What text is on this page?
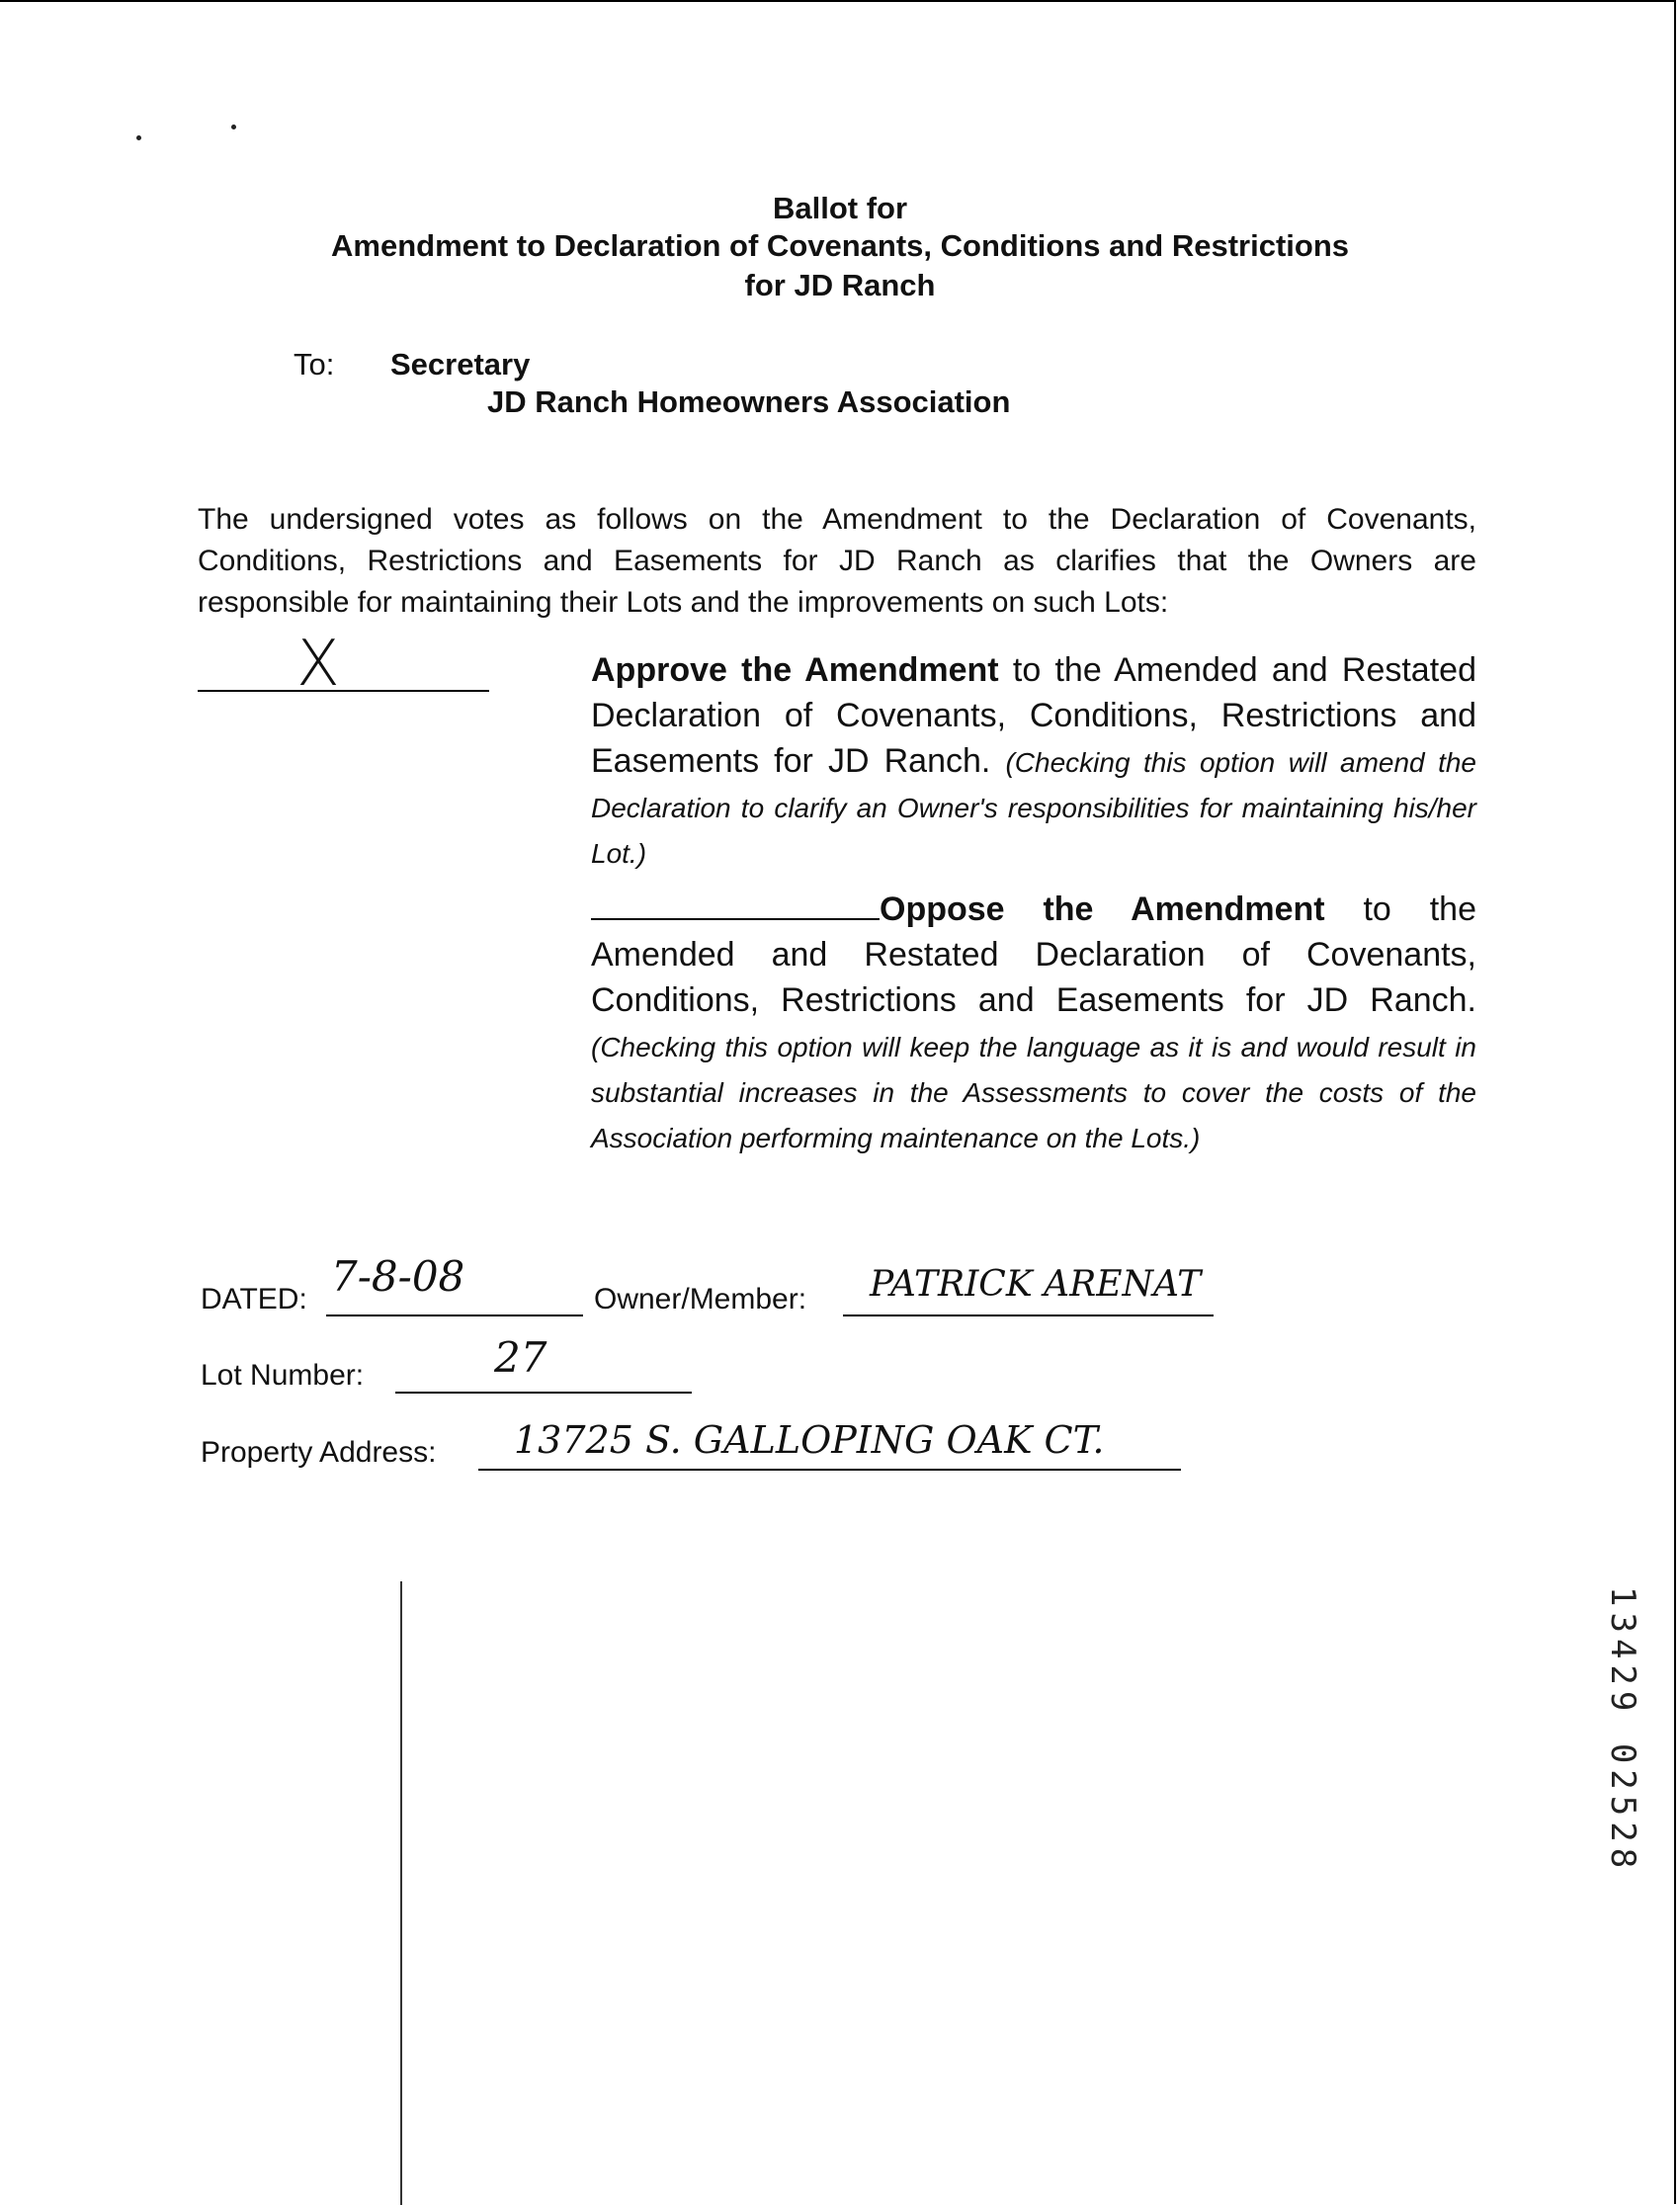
Ballot for
Amendment to Declaration of Covenants, Conditions and Restrictions
for JD Ranch
To: Secretary
JD Ranch Homeowners Association
The undersigned votes as follows on the Amendment to the Declaration of Covenants, Conditions, Restrictions and Easements for JD Ranch as clarifies that the Owners are responsible for maintaining their Lots and the improvements on such Lots:
X	Approve the Amendment to the Amended and Restated Declaration of Covenants, Conditions, Restrictions and Easements for JD Ranch. (Checking this option will amend the Declaration to clarify an Owner's responsibilities for maintaining his/her Lot.)
Oppose the Amendment to the Amended and Restated Declaration of Covenants, Conditions, Restrictions and Easements for JD Ranch. (Checking this option will keep the language as it is and would result in substantial increases in the Assessments to cover the costs of the Association performing maintenance on the Lots.)
DATED: 7-8-08	Owner/Member: PATRICK ARENAT
Lot Number:	27
Property Address: 13725 S. GALLOPING OAK CT.
13429 02528
